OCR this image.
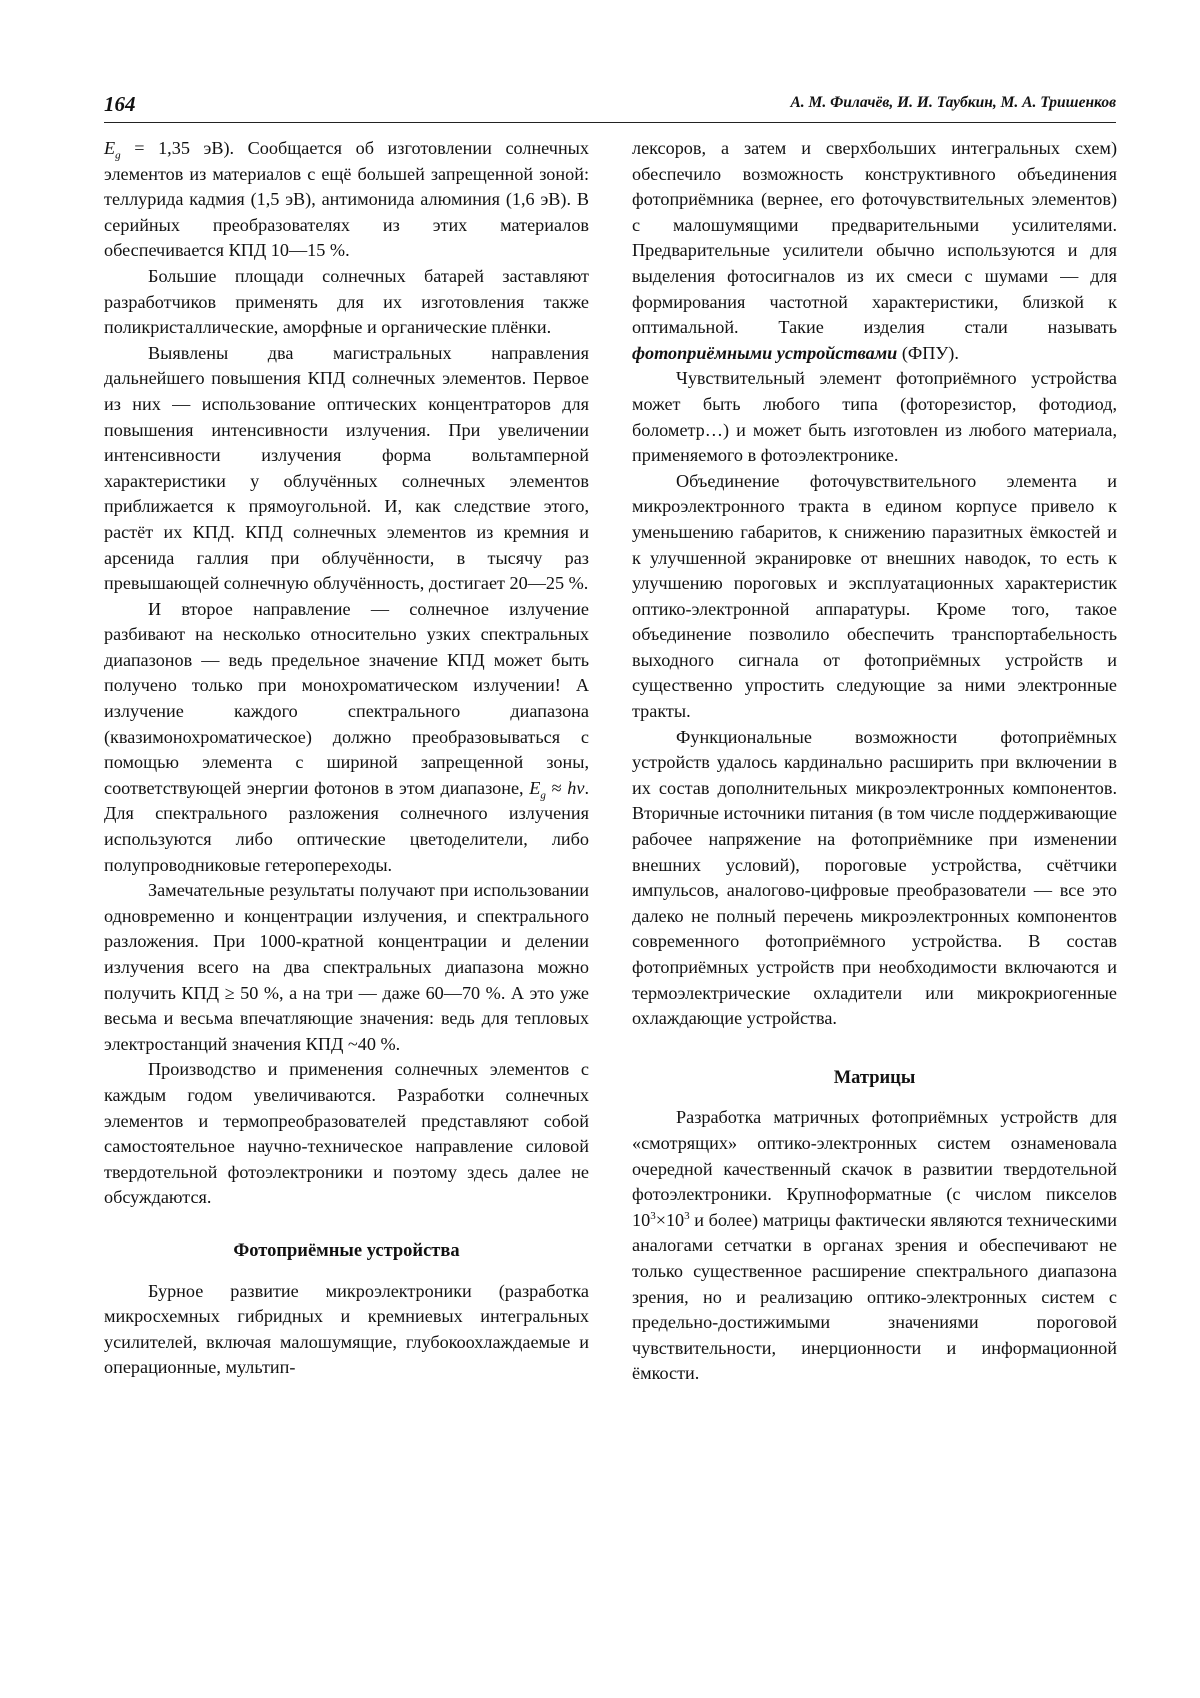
164	А. М. Филачёв, И. И. Таубкин, М. А. Тришенков

$E_g = 1,35$ эВ). Сообщается об изготовлении солнечных элементов из материалов с ещё большей запрещенной зоной: теллурида кадмия (1,5 эВ), антимонида алюминия (1,6 эВ). В серийных преобразователях из этих материалов обеспечивается КПД 10—15 %.

Большие площади солнечных батарей заставляют разработчиков применять для их изготовления также поликристаллические, аморфные и органические плёнки.

Выявлены два магистральных направления дальнейшего повышения КПД солнечных элементов. Первое из них — использование оптических концентраторов для повышения интенсивности излучения. При увеличении интенсивности излучения форма вольтамперной характеристики у облучённых солнечных элементов приближается к прямоугольной. И, как следствие этого, растёт их КПД. КПД солнечных элементов из кремния и арсенида галлия при облучённости, в тысячу раз превышающей солнечную облучённость, достигает 20—25 %.

И второе направление — солнечное излучение разбивают на несколько относительно узких спектральных диапазонов — ведь предельное значение КПД может быть получено только при монохроматическом излучении! А излучение каждого спектрального диапазона (квазимонохроматическое) должно преобразовываться с помощью элемента с шириной запрещенной зоны, соответствующей энергии фотонов в этом диапазоне, $E_g \approx h\nu$. Для спектрального разложения солнечного излучения используются либо оптические цветоделители, либо полупроводниковые гетеропереходы.

Замечательные результаты получают при использовании одновременно и концентрации излучения, и спектрального разложения. При 1000-кратной концентрации и делении излучения всего на два спектральных диапазона можно получить КПД ≥ 50 %, а на три — даже 60—70 %. А это уже весьма и весьма впечатляющие значения: ведь для тепловых электростанций значения КПД ~40 %.

Производство и применения солнечных элементов с каждым годом увеличиваются. Разработки солнечных элементов и термопреобразователей представляют собой самостоятельное научно-техническое направление силовой твердотельной фотоэлектроники и поэтому здесь далее не обсуждаются.

Фотоприёмные устройства

Бурное развитие микроэлектроники (разработка микросхемных гибридных и кремниевых интегральных усилителей, включая малошумящие, глубокоохлаждаемые и операционные, мультип-

лексоров, а затем и сверхбольших интегральных схем) обеспечило возможность конструктивного объединения фотоприёмника (вернее, его фоточувствительных элементов) с малошумящими предварительными усилителями. Предварительные усилители обычно используются и для выделения фотосигналов из их смеси с шумами — для формирования частотной характеристики, близкой к оптимальной. Такие изделия стали называть фотоприёмными устройствами (ФПУ).

Чувствительный элемент фотоприёмного устройства может быть любого типа (фоторезистор, фотодиод, болометр…) и может быть изготовлен из любого материала, применяемого в фотоэлектронике.

Объединение фоточувствительного элемента и микроэлектронного тракта в едином корпусе привело к уменьшению габаритов, к снижению паразитных ёмкостей и к улучшенной экранировке от внешних наводок, то есть к улучшению пороговых и эксплуатационных характеристик оптико-электронной аппаратуры. Кроме того, такое объединение позволило обеспечить транспортабельность выходного сигнала от фотоприёмных устройств и существенно упростить следующие за ними электронные тракты.

Функциональные возможности фотоприёмных устройств удалось кардинально расширить при включении в их состав дополнительных микроэлектронных компонентов. Вторичные источники питания (в том числе поддерживающие рабочее напряжение на фотоприёмнике при изменении внешних условий), пороговые устройства, счётчики импульсов, аналогово-цифровые преобразователи — все это далеко не полный перечень микроэлектронных компонентов современного фотоприёмного устройства. В состав фотоприёмных устройств при необходимости включаются и термоэлектрические охладители или микрокриогенные охлаждающие устройства.

Матрицы

Разработка матричных фотоприёмных устройств для «смотрящих» оптико-электронных систем ознаменовала очередной качественный скачок в развитии твердотельной фотоэлектроники. Крупноформатные (с числом пикселов $10^3\times 10^3$ и более) матрицы фактически являются техническими аналогами сетчатки в органах зрения и обеспечивают не только существенное расширение спектрального диапазона зрения, но и реализацию оптико-электронных систем с предельно-достижимыми значениями пороговой чувствительности, инерционности и информационной ёмкости.
